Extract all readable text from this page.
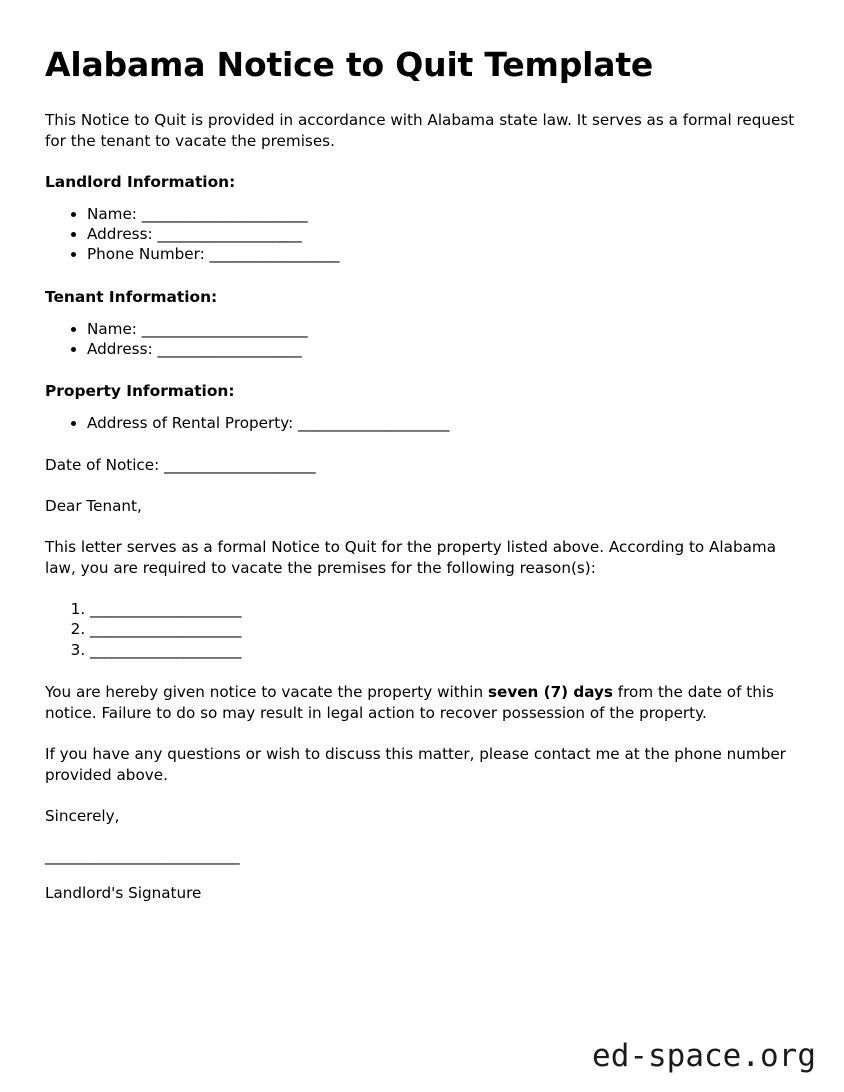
Alabama Notice to Quit Template

This Notice to Quit is provided in accordance with Alabama state law. It serves as a formal request for the tenant to vacate the premises.

Landlord Information:
• Name: _______________________
• Address: ____________________
• Phone Number: __________________
Tenant Information:
• Name: _______________________
• Address: ____________________
Property Information:
• Address of Rental Property: _____________________

Date of Notice: _____________________

Dear Tenant,

This letter serves as a formal Notice to Quit for the property listed above. According to Alabama law, you are required to vacate the premises for the following reason(s):

1. _____________________
2. _____________________
3. _____________________

You are hereby given notice to vacate the property within seven (7) days from the date of this notice. Failure to do so may result in legal action to recover possession of the property.

If you have any questions or wish to discuss this matter, please contact me at the phone number provided above.

Sincerely,

___________________________

Landlord's Signature

ed-space.org
